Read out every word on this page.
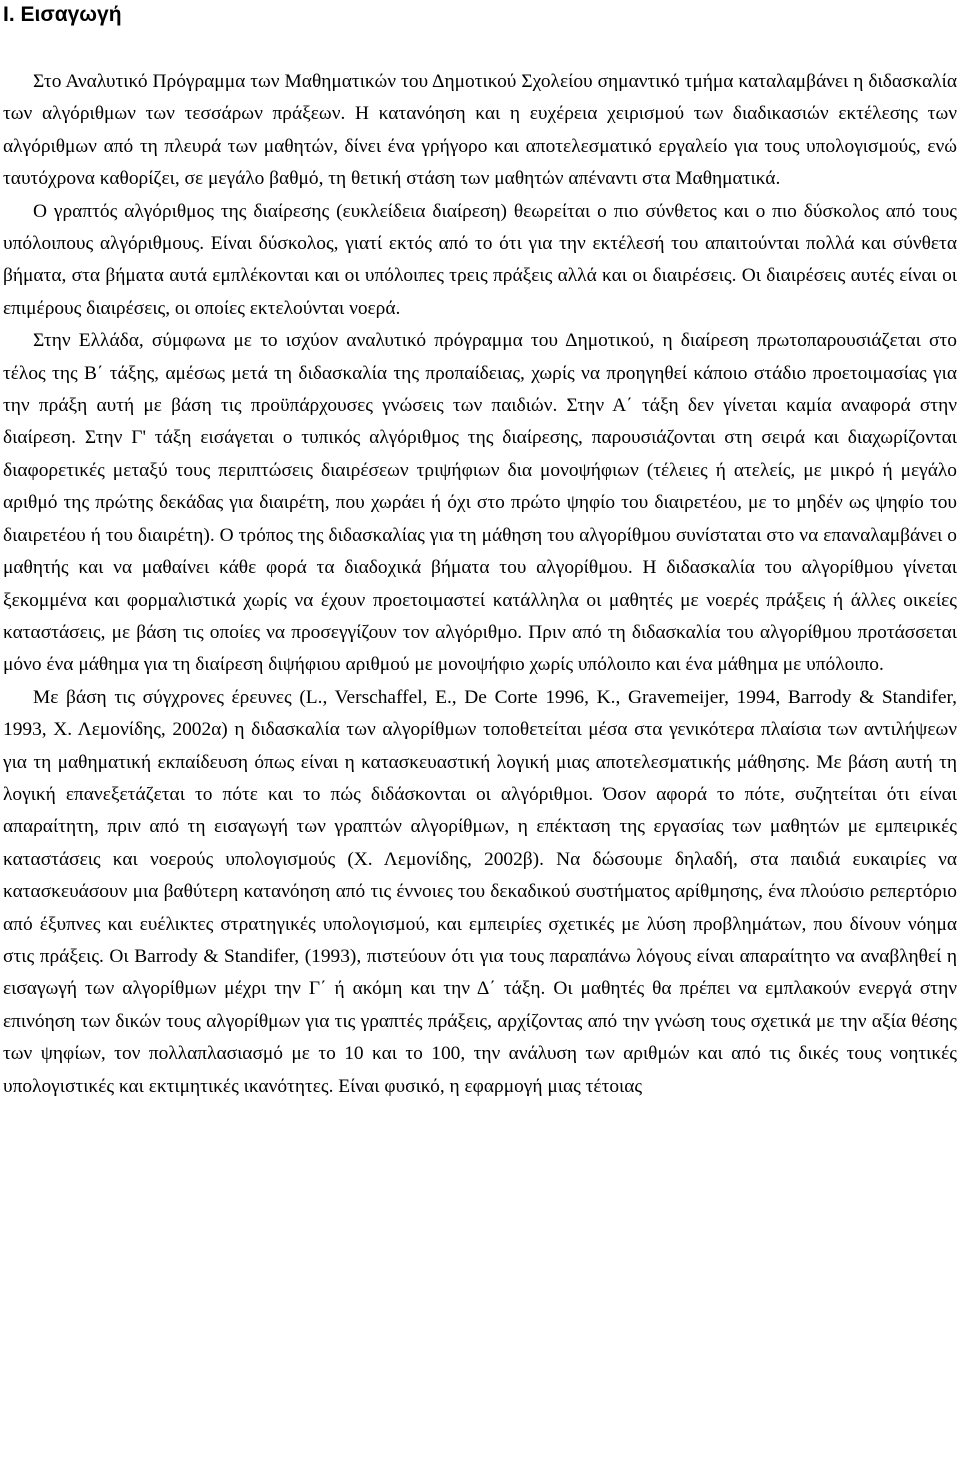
Ι. Εισαγωγή

Στο Αναλυτικό Πρόγραμμα των Μαθηματικών του Δημοτικού Σχολείου σημαντικό τμήμα καταλαμβάνει η διδασκαλία των αλγόριθμων των τεσσάρων πράξεων. Η κατανόηση και η ευχέρεια χειρισμού των διαδικασιών εκτέλεσης των αλγόριθμων από τη πλευρά των μαθητών, δίνει ένα γρήγορο και αποτελεσματικό εργαλείο για τους υπολογισμούς, ενώ ταυτόχρονα καθορίζει, σε μεγάλο βαθμό, τη θετική στάση των μαθητών απέναντι στα Μαθηματικά.

Ο γραπτός αλγόριθμος της διαίρεσης (ευκλείδεια διαίρεση) θεωρείται ο πιο σύνθετος και ο πιο δύσκολος από τους υπόλοιπους αλγόριθμους. Είναι δύσκολος, γιατί εκτός από το ότι για την εκτέλεσή του απαιτούνται πολλά και σύνθετα βήματα, στα βήματα αυτά εμπλέκονται και οι υπόλοιπες τρεις πράξεις αλλά και οι διαιρέσεις. Οι διαιρέσεις αυτές είναι οι επιμέρους διαιρέσεις, οι οποίες εκτελούνται νοερά.

Στην Ελλάδα, σύμφωνα με το ισχύον αναλυτικό πρόγραμμα του Δημοτικού, η διαίρεση πρωτοπαρουσιάζεται στο τέλος της Β΄ τάξης, αμέσως μετά τη διδασκαλία της προπαίδειας, χωρίς να προηγηθεί κάποιο στάδιο προετοιμασίας για την πράξη αυτή με βάση τις προϋπάρχουσες γνώσεις των παιδιών. Στην Α΄ τάξη δεν γίνεται καμία αναφορά στην διαίρεση. Στην Γ' τάξη εισάγεται ο τυπικός αλγόριθμος της διαίρεσης, παρουσιάζονται στη σειρά και διαχωρίζονται διαφορετικές μεταξύ τους περιπτώσεις διαιρέσεων τριψήφιων δια μονοψήφιων (τέλειες ή ατελείς, με μικρό ή μεγάλο αριθμό της πρώτης δεκάδας για διαιρέτη, που χωράει ή όχι στο πρώτο ψηφίο του διαιρετέου, με το μηδέν ως ψηφίο του διαιρετέου ή του διαιρέτη). Ο τρόπος της διδασκαλίας για τη μάθηση του αλγορίθμου συνίσταται στο να επαναλαμβάνει ο μαθητής και να μαθαίνει κάθε φορά τα διαδοχικά βήματα του αλγορίθμου. Η διδασκαλία του αλγορίθμου γίνεται ξεκομμένα και φορμαλιστικά χωρίς να έχουν προετοιμαστεί κατάλληλα οι μαθητές με νοερές πράξεις ή άλλες οικείες καταστάσεις, με βάση τις οποίες να προσεγγίζουν τον αλγόριθμο. Πριν από τη διδασκαλία του αλγορίθμου προτάσσεται μόνο ένα μάθημα για τη διαίρεση διψήφιου αριθμού με μονοψήφιο χωρίς υπόλοιπο και ένα μάθημα με υπόλοιπο.

Με βάση τις σύγχρονες έρευνες (L., Verschaffel, E., De Corte 1996, K., Gravemeijer, 1994, Barrody & Standifer, 1993, Χ. Λεμονίδης, 2002α) η διδασκαλία των αλγορίθμων τοποθετείται μέσα στα γενικότερα πλαίσια των αντιλήψεων για τη μαθηματική εκπαίδευση όπως είναι η κατασκευαστική λογική μιας αποτελεσματικής μάθησης. Με βάση αυτή τη λογική επανεξετάζεται το πότε και το πώς διδάσκονται οι αλγόριθμοι. Όσον αφορά το πότε, συζητείται ότι είναι απαραίτητη, πριν από τη εισαγωγή των γραπτών αλγορίθμων, η επέκταση της εργασίας των μαθητών με εμπειρικές καταστάσεις και νοερούς υπολογισμούς (Χ. Λεμονίδης, 2002β). Να δώσουμε δηλαδή, στα παιδιά ευκαιρίες να κατασκευάσουν μια βαθύτερη κατανόηση από τις έννοιες του δεκαδικού συστήματος αρίθμησης, ένα πλούσιο ρεπερτόριο από έξυπνες και ευέλικτες στρατηγικές υπολογισμού, και εμπειρίες σχετικές με λύση προβλημάτων, που δίνουν νόημα στις πράξεις. Οι Barrody & Standifer, (1993), πιστεύουν ότι για τους παραπάνω λόγους είναι απαραίτητο να αναβληθεί η εισαγωγή των αλγορίθμων μέχρι την Γ΄ ή ακόμη και την Δ΄ τάξη. Οι μαθητές θα πρέπει να εμπλακούν ενεργά στην επινόηση των δικών τους αλγορίθμων για τις γραπτές πράξεις, αρχίζοντας από την γνώση τους σχετικά με την αξία θέσης των ψηφίων, τον πολλαπλασιασμό με το 10 και το 100, την ανάλυση των αριθμών και από τις δικές τους νοητικές υπολογιστικές και εκτιμητικές ικανότητες. Είναι φυσικό, η εφαρμογή μιας τέτοιας
